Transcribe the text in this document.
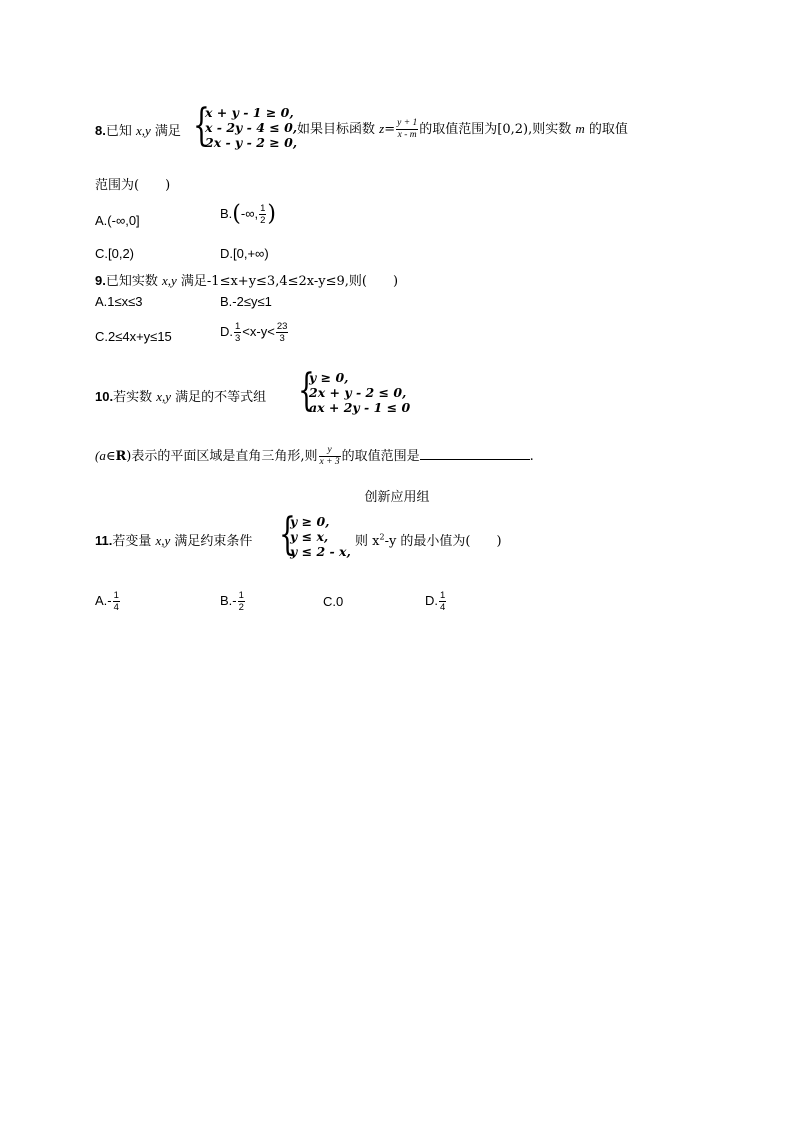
8.已知 x,y 满足 {
x + y - 1 ≥ 0,
x - 2y - 4 ≤ 0,
2x - y - 2 ≥ 0,
如果目标函数 $z= \frac{y + 1}{x - m}$ 的取值范围为[0,2),则实数 m 的取值
范围为(　　)
A.(-∞,0]	B.(-∞, $\frac{1}{2}$ )
C.[0,2)	D.[0,+∞)
9.已知实数 x,y 满足-1≤x+y≤3,4≤2x-y≤9,则(　　)
A.1≤x≤3	B.-2≤y≤1
C.2≤4x+y≤15	D. $\frac{1}{3} <x-y< \frac{23}{3}$
10.若实数 x,y 满足的不等式组 {
y ≥ 0,
2x + y - 2 ≤ 0,
ax + 2y - 1 ≤ 0
(a∈R)表示的平面区域是直角三角形,则 $\frac{y}{x + 3}$ 的取值范围是	.
创新应用组
11.若变量 x,y 满足约束条件 {
y ≥ 0,
y ≤ x,
y ≤ 2 - x,
则 $x^2-y$ 的最小值为(　　)
$A.- \frac{1}{4}$	$B.- \frac{1}{2}$	C.0	D. $\frac{1}{4}$
